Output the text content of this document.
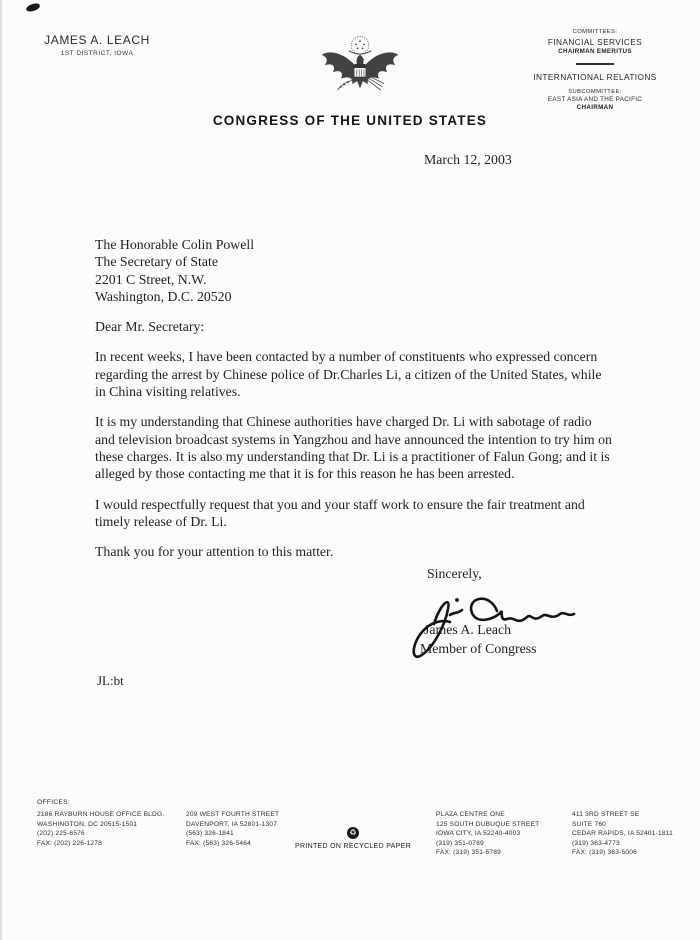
JAMES A. LEACH
1ST DISTRICT, IOWA
COMMITTEES:
FINANCIAL SERVICES
CHAIRMAN EMERITUS
INTERNATIONAL RELATIONS
SUBCOMMITTEE:
EAST ASIA AND THE PACIFIC
CHAIRMAN
CONGRESS OF THE UNITED STATES
March 12, 2003
The Honorable Colin Powell
The Secretary of State
2201 C Street, N.W.
Washington, D.C. 20520
Dear Mr. Secretary:

In recent weeks, I have been contacted by a number of constituents who expressed concern regarding the arrest by Chinese police of Dr.Charles Li, a citizen of the United States, while in China visiting relatives.

It is my understanding that Chinese authorities have charged Dr. Li with sabotage of radio and television broadcast systems in Yangzhou and have announced the intention to try him on these charges. It is also my understanding that Dr. Li is a practitioner of Falun Gong; and it is alleged by those contacting me that it is for this reason he has been arrested.

I would respectfully request that you and your staff work to ensure the fair treatment and timely release of Dr. Li.

Thank you for your attention to this matter.

Sincerely,
James A. Leach
Member of Congress
JL:bt
OFFICES:
2186 RAYBURN HOUSE OFFICE BLDG.
WASHINGTON, DC 20515-1501
(202) 225-6576
FAX: (202) 226-1278
209 WEST FOURTH STREET
DAVENPORT, IA 52801-1307
(563) 326-1841
FAX: (563) 326-5464
♻
PRINTED ON RECYCLED PAPER
PLAZA CENTRE ONE
125 SOUTH DUBUQUE STREET
IOWA CITY, IA 52240-4003
(319) 351-0789
FAX: (319) 351-5789
411 3RD STREET SE
SUITE 760
CEDAR RAPIDS, IA 52401-1811
(319) 363-4773
FAX: (319) 363-5006
